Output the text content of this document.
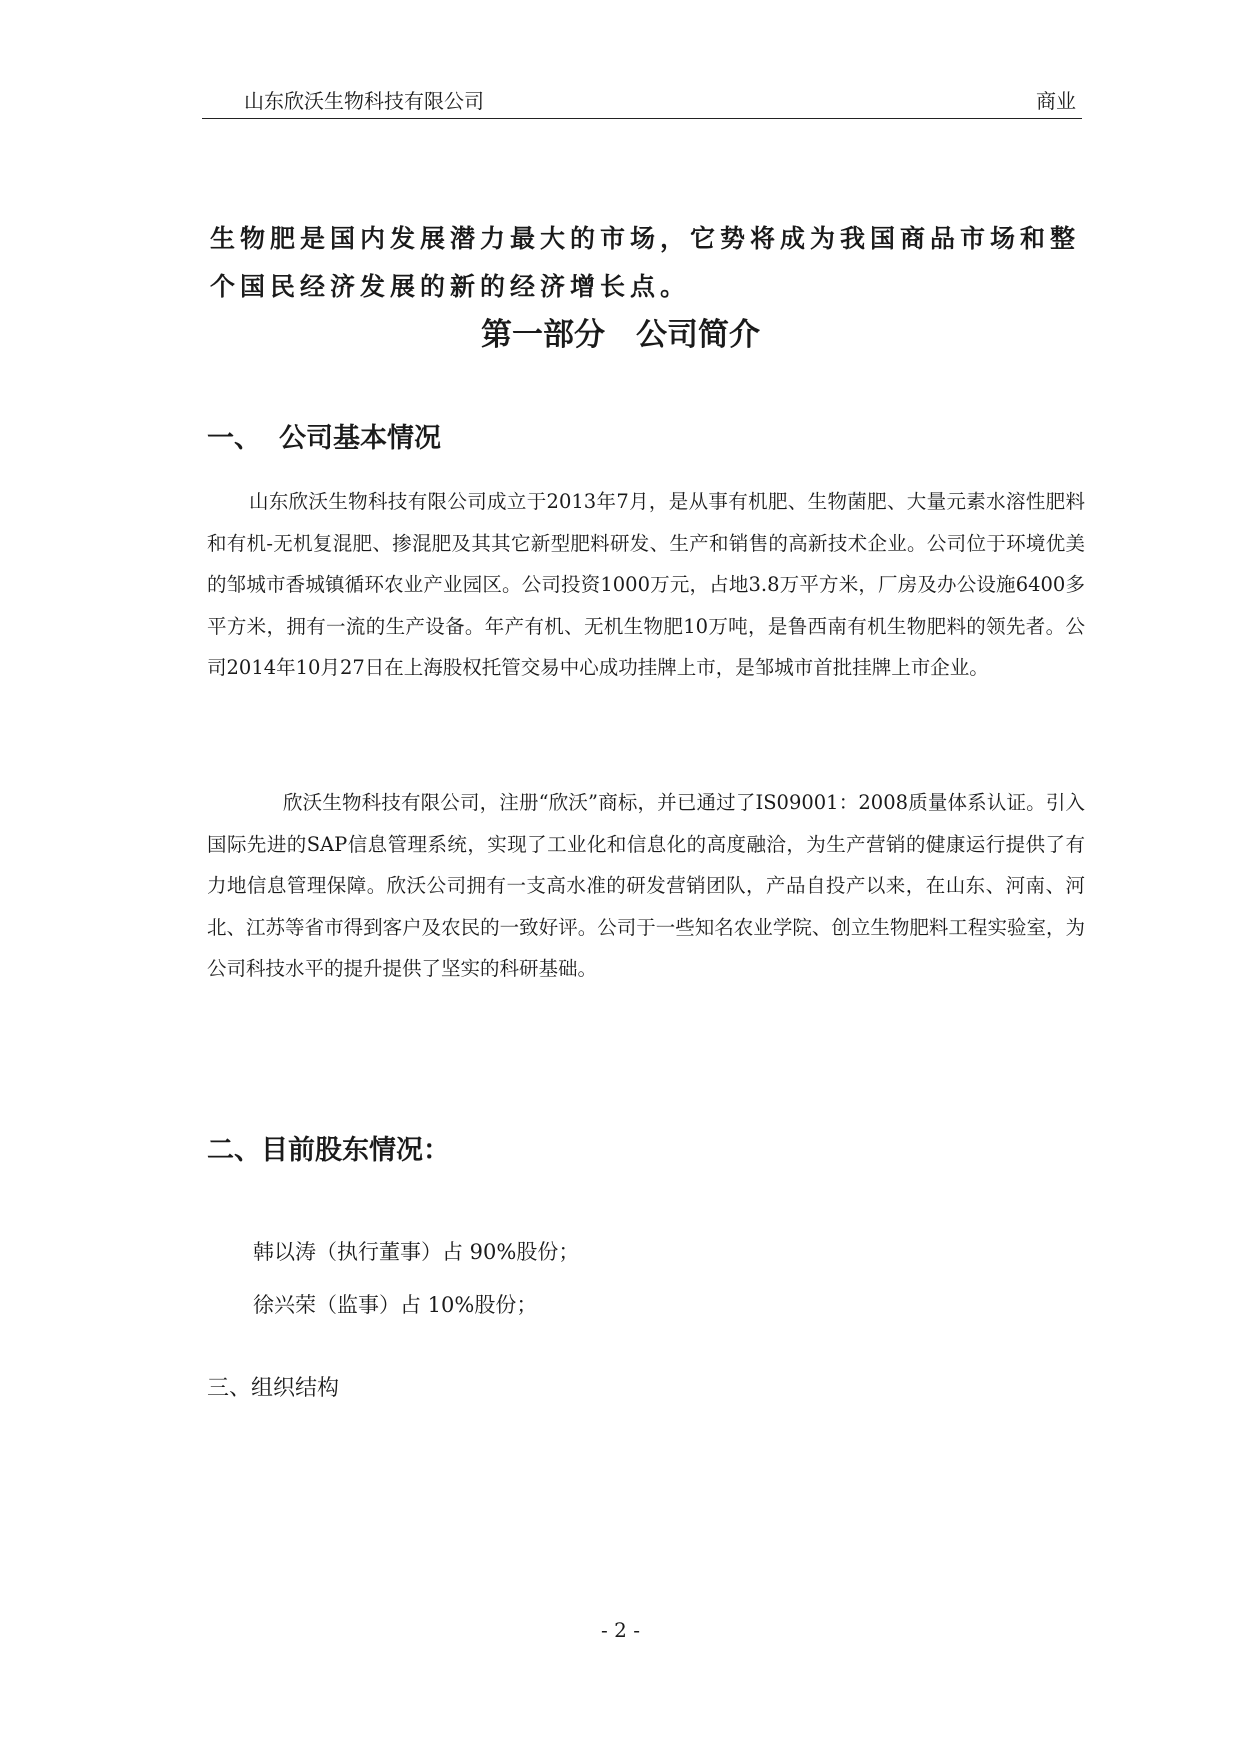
山东欣沃生物科技有限公司	商业

生物肥是国内发展潜力最大的市场，它势将成为我国商品市场和整个国民经济发展的新的经济增长点。

第一部分　公司简介
一、 公司基本情况

山东欣沃生物科技有限公司成立于2013年7月，是从事有机肥、生物菌肥、大量元素水溶性肥料和有机-无机复混肥、掺混肥及其其它新型肥料研发、生产和销售的高新技术企业。公司位于环境优美的邹城市香城镇循环农业产业园区。公司投资1000万元，占地3.8万平方米，厂房及办公设施6400多平方米，拥有一流的生产设备。年产有机、无机生物肥10万吨，是鲁西南有机生物肥料的领先者。公司2014年10月27日在上海股权托管交易中心成功挂牌上市，是邹城市首批挂牌上市企业。

欣沃生物科技有限公司，注册“欣沃”商标，并已通过了IS09001：2008质量体系认证。引入国际先进的SAP信息管理系统，实现了工业化和信息化的高度融洽，为生产营销的健康运行提供了有力地信息管理保障。欣沃公司拥有一支高水准的研发营销团队，产品自投产以来，在山东、河南、河北、江苏等省市得到客户及农民的一致好评。公司于一些知名农业学院、创立生物肥料工程实验室，为公司科技水平的提升提供了坚实的科研基础。

二、目前股东情况：
韩以涛（执行董事）占 90%股份；
徐兴荣（监事）占 10%股份；
三、组织结构
- 2 -
